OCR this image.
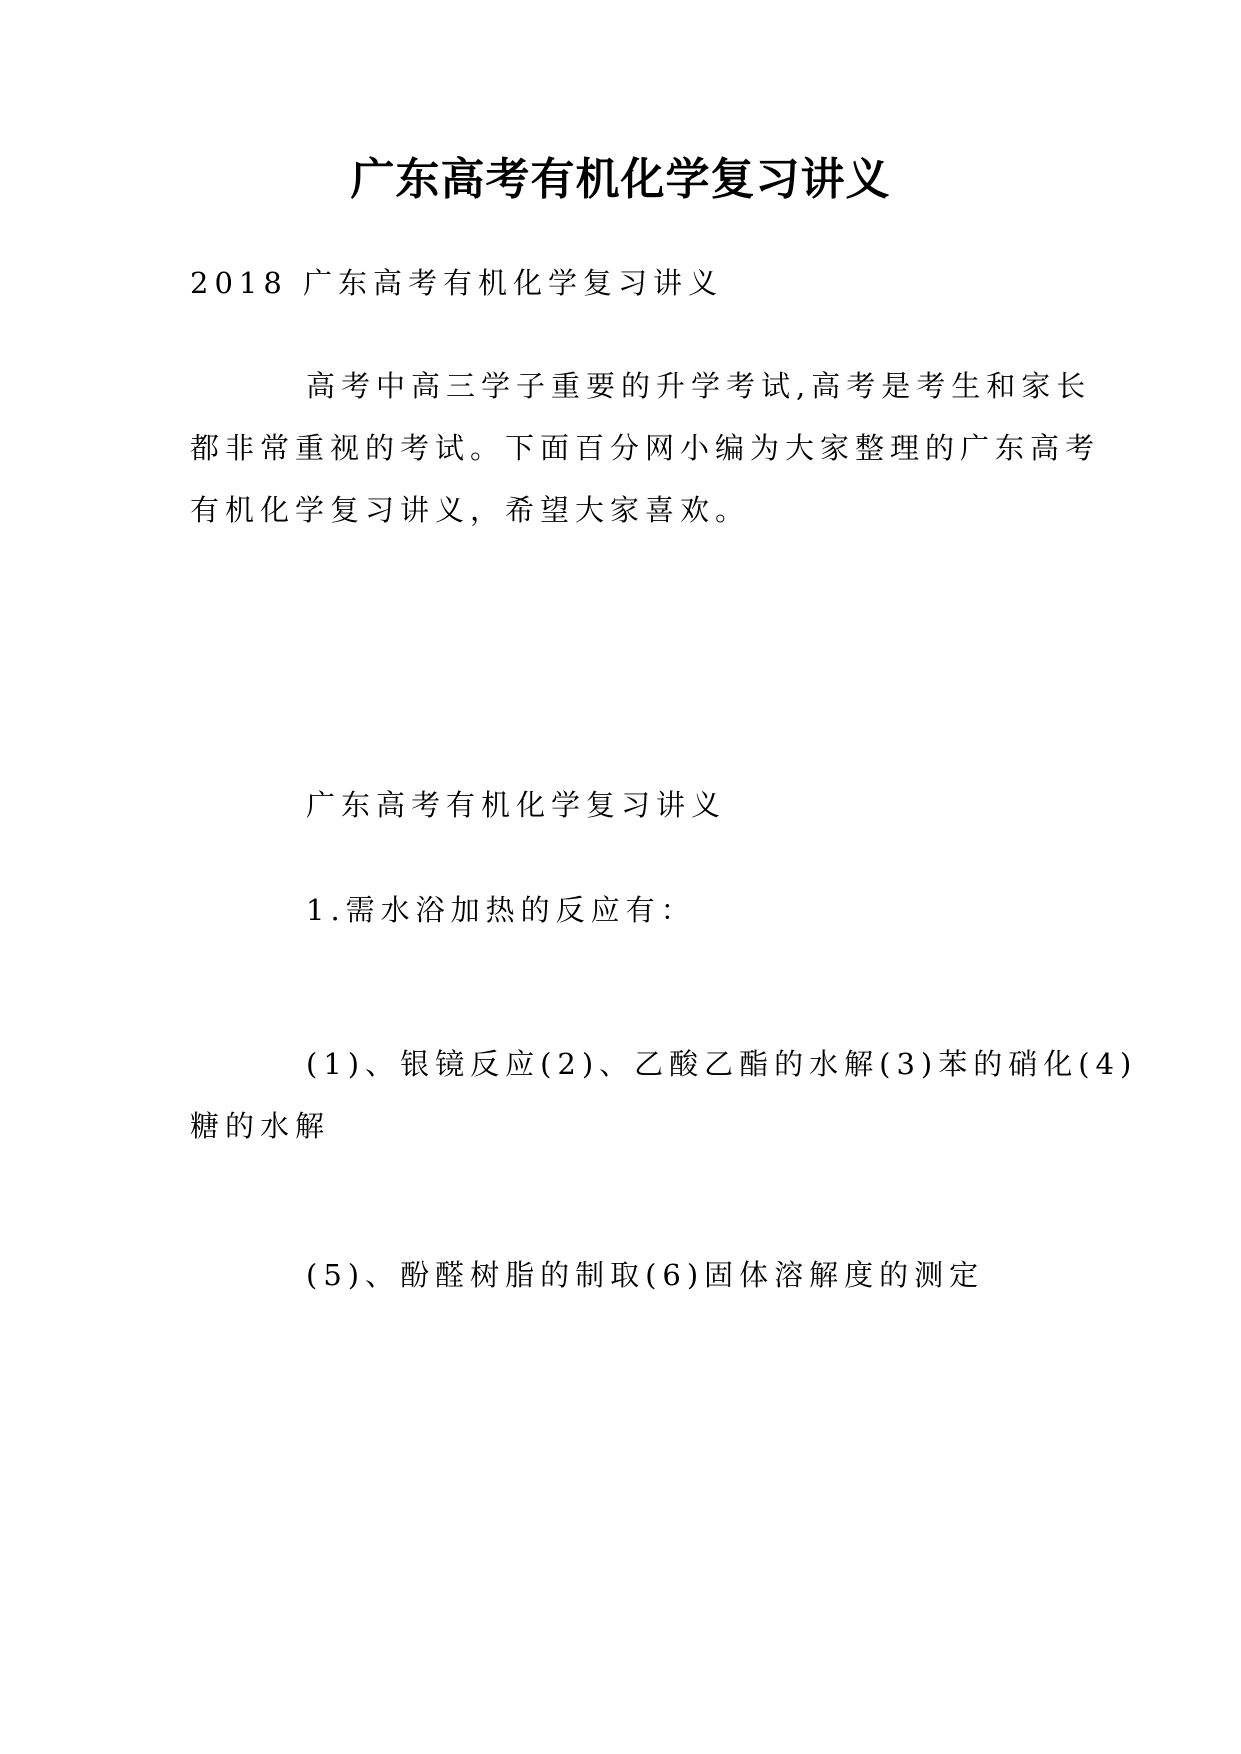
广东高考有机化学复习讲义
2018 广东高考有机化学复习讲义
高考中高三学子重要的升学考试,高考是考生和家长
都非常重视的考试。下面百分网小编为大家整理的广东高考
有机化学复习讲义，希望大家喜欢。
广东高考有机化学复习讲义
1.需水浴加热的反应有：
(1)、银镜反应(2)、乙酸乙酯的水解(3)苯的硝化(4)
糖的水解
(5)、酚醛树脂的制取(6)固体溶解度的测定
